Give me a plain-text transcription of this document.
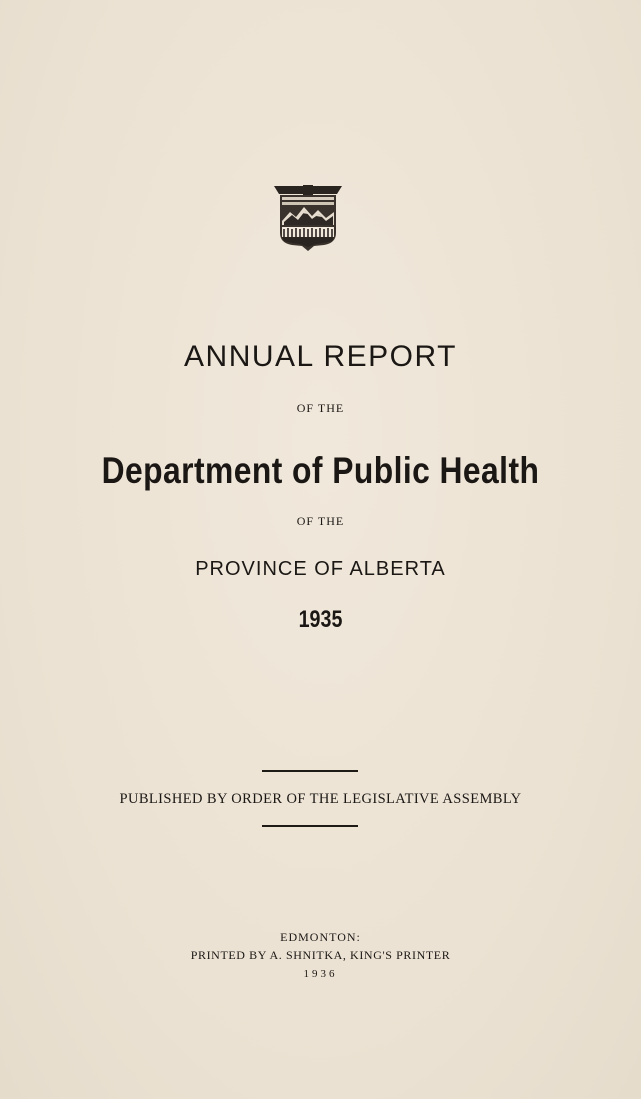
ANNUAL REPORT
OF THE
Department of Public Health
OF THE
PROVINCE OF ALBERTA
1935
PUBLISHED BY ORDER OF THE LEGISLATIVE ASSEMBLY
EDMONTON:
PRINTED BY A. SHNITKA, KING'S PRINTER
1936
